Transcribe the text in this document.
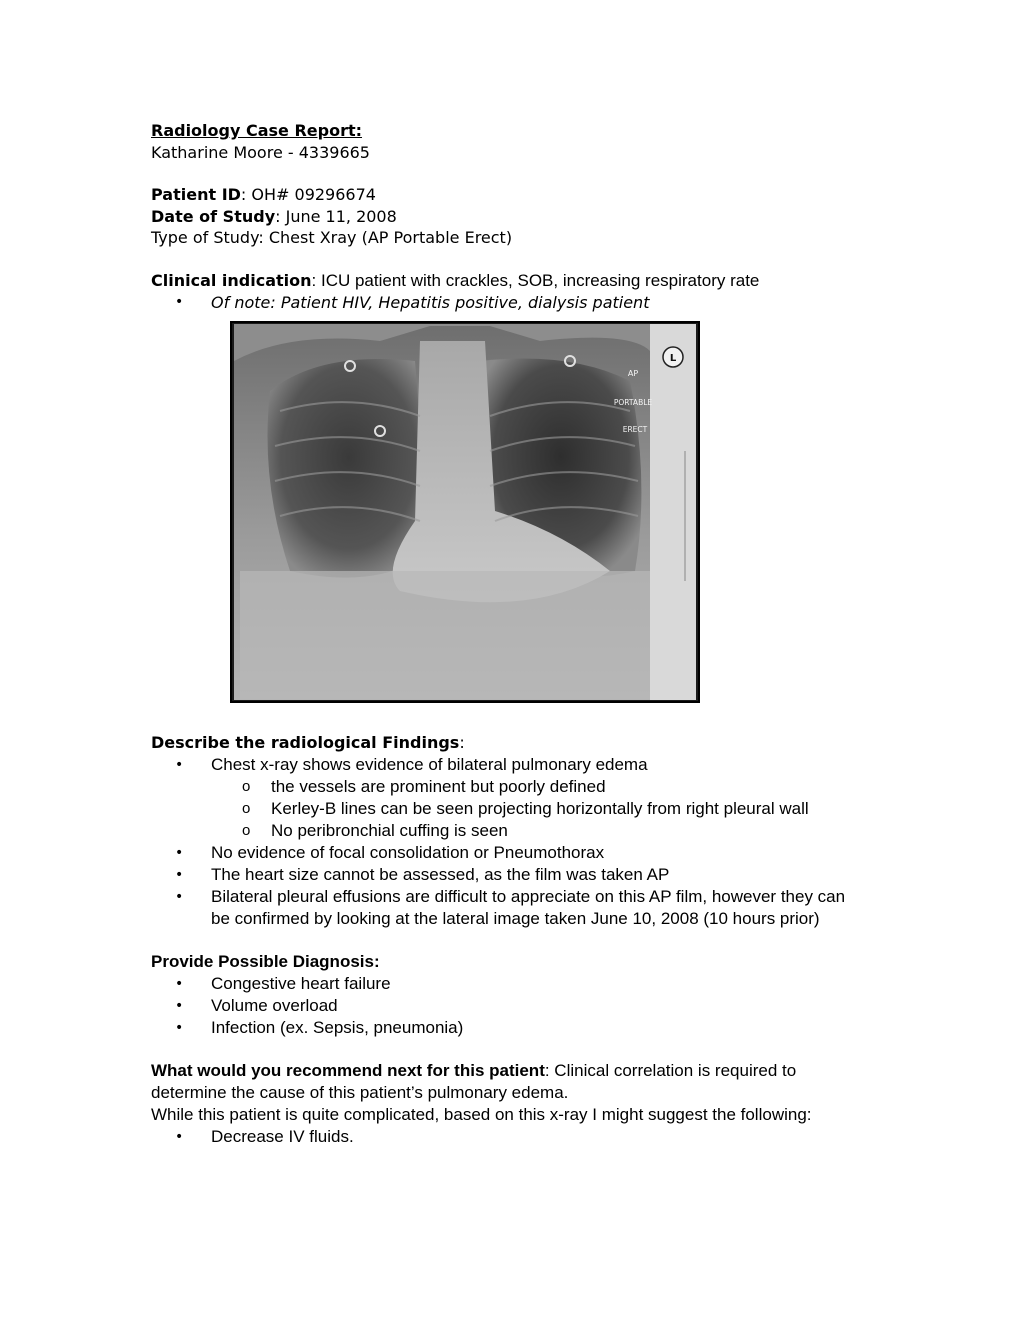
Radiology Case Report:

Katharine Moore - 4339665

Patient ID: OH# 09296674

Date of Study: June 11, 2008

Type of Study: Chest Xray (AP Portable Erect)

Clinical indication: ICU patient with crackles, SOB, increasing respiratory rate

• Of note: Patient HIV, Hepatitis positive, dialysis patient
L
AP
PORTABLE
ERECT

Describe the radiological Findings:

• Chest x-ray shows evidence of bilateral pulmonary edema
o the vessels are prominent but poorly defined
o Kerley-B lines can be seen projecting horizontally from right pleural wall
o No peribronchial cuffing is seen
• No evidence of focal consolidation or Pneumothorax
• The heart size cannot be assessed, as the film was taken AP
• Bilateral pleural effusions are difficult to appreciate on this AP film, however they can be confirmed by looking at the lateral image taken June 10, 2008 (10 hours prior)

Provide Possible Diagnosis:

• Congestive heart failure
• Volume overload
• Infection (ex. Sepsis, pneumonia)

What would you recommend next for this patient: Clinical correlation is required to determine the cause of this patient’s pulmonary edema.

While this patient is quite complicated, based on this x-ray I might suggest the following:

• Decrease IV fluids.
